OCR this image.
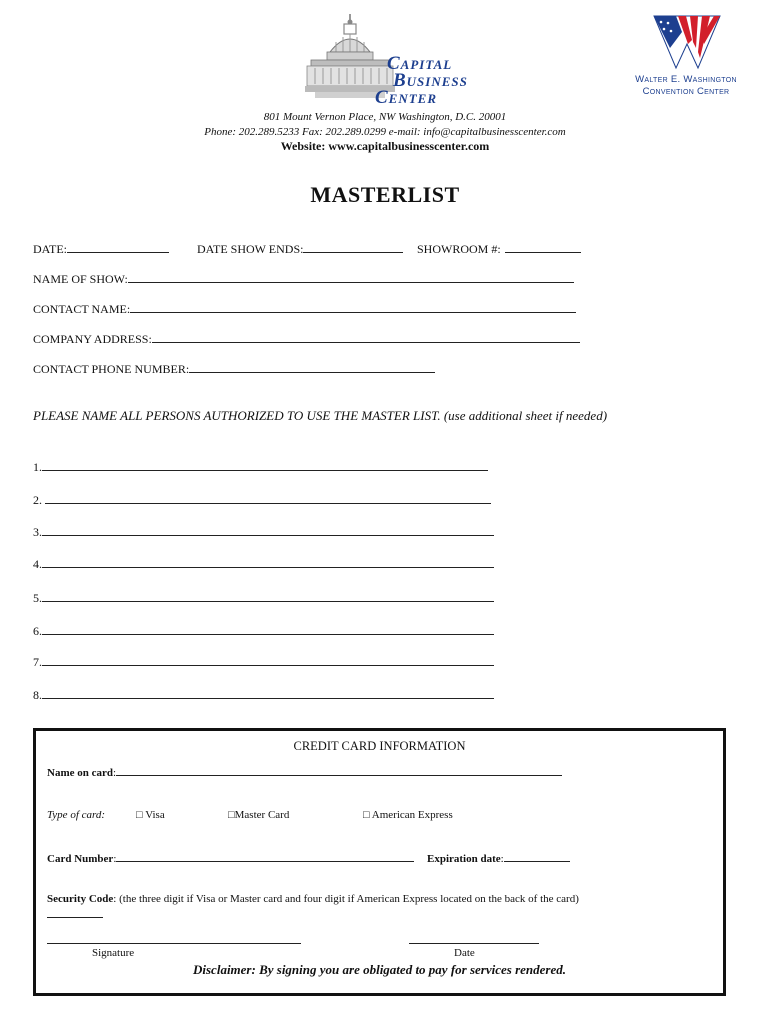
Capital
Business
Center
Walter E. Washington
Convention Center
801 Mount Vernon Place, NW Washington, D.C. 20001
Phone: 202.289.5233 Fax: 202.289.0299 e-mail: info@capitalbusinesscenter.com
Website: www.capitalbusinesscenter.com
MASTERLIST
DATE:	DATE SHOW ENDS:	SHOWROOM #:
NAME OF SHOW:
CONTACT NAME:
COMPANY ADDRESS:
CONTACT PHONE NUMBER:
PLEASE NAME ALL PERSONS AUTHORIZED TO USE THE MASTER LIST. (use additional sheet if needed)
1.
2.
3.
4.
5.
6.
7.
8.
CREDIT CARD INFORMATION
Name on card:
Type of card:	□ Visa	□Master Card	□ American Express
Card Number:	Expiration date:
Security Code: (the three digit if Visa or Master card and four digit if American Express located on the back of the card)
Signature	Date
Disclaimer: By signing you are obligated to pay for services rendered.
